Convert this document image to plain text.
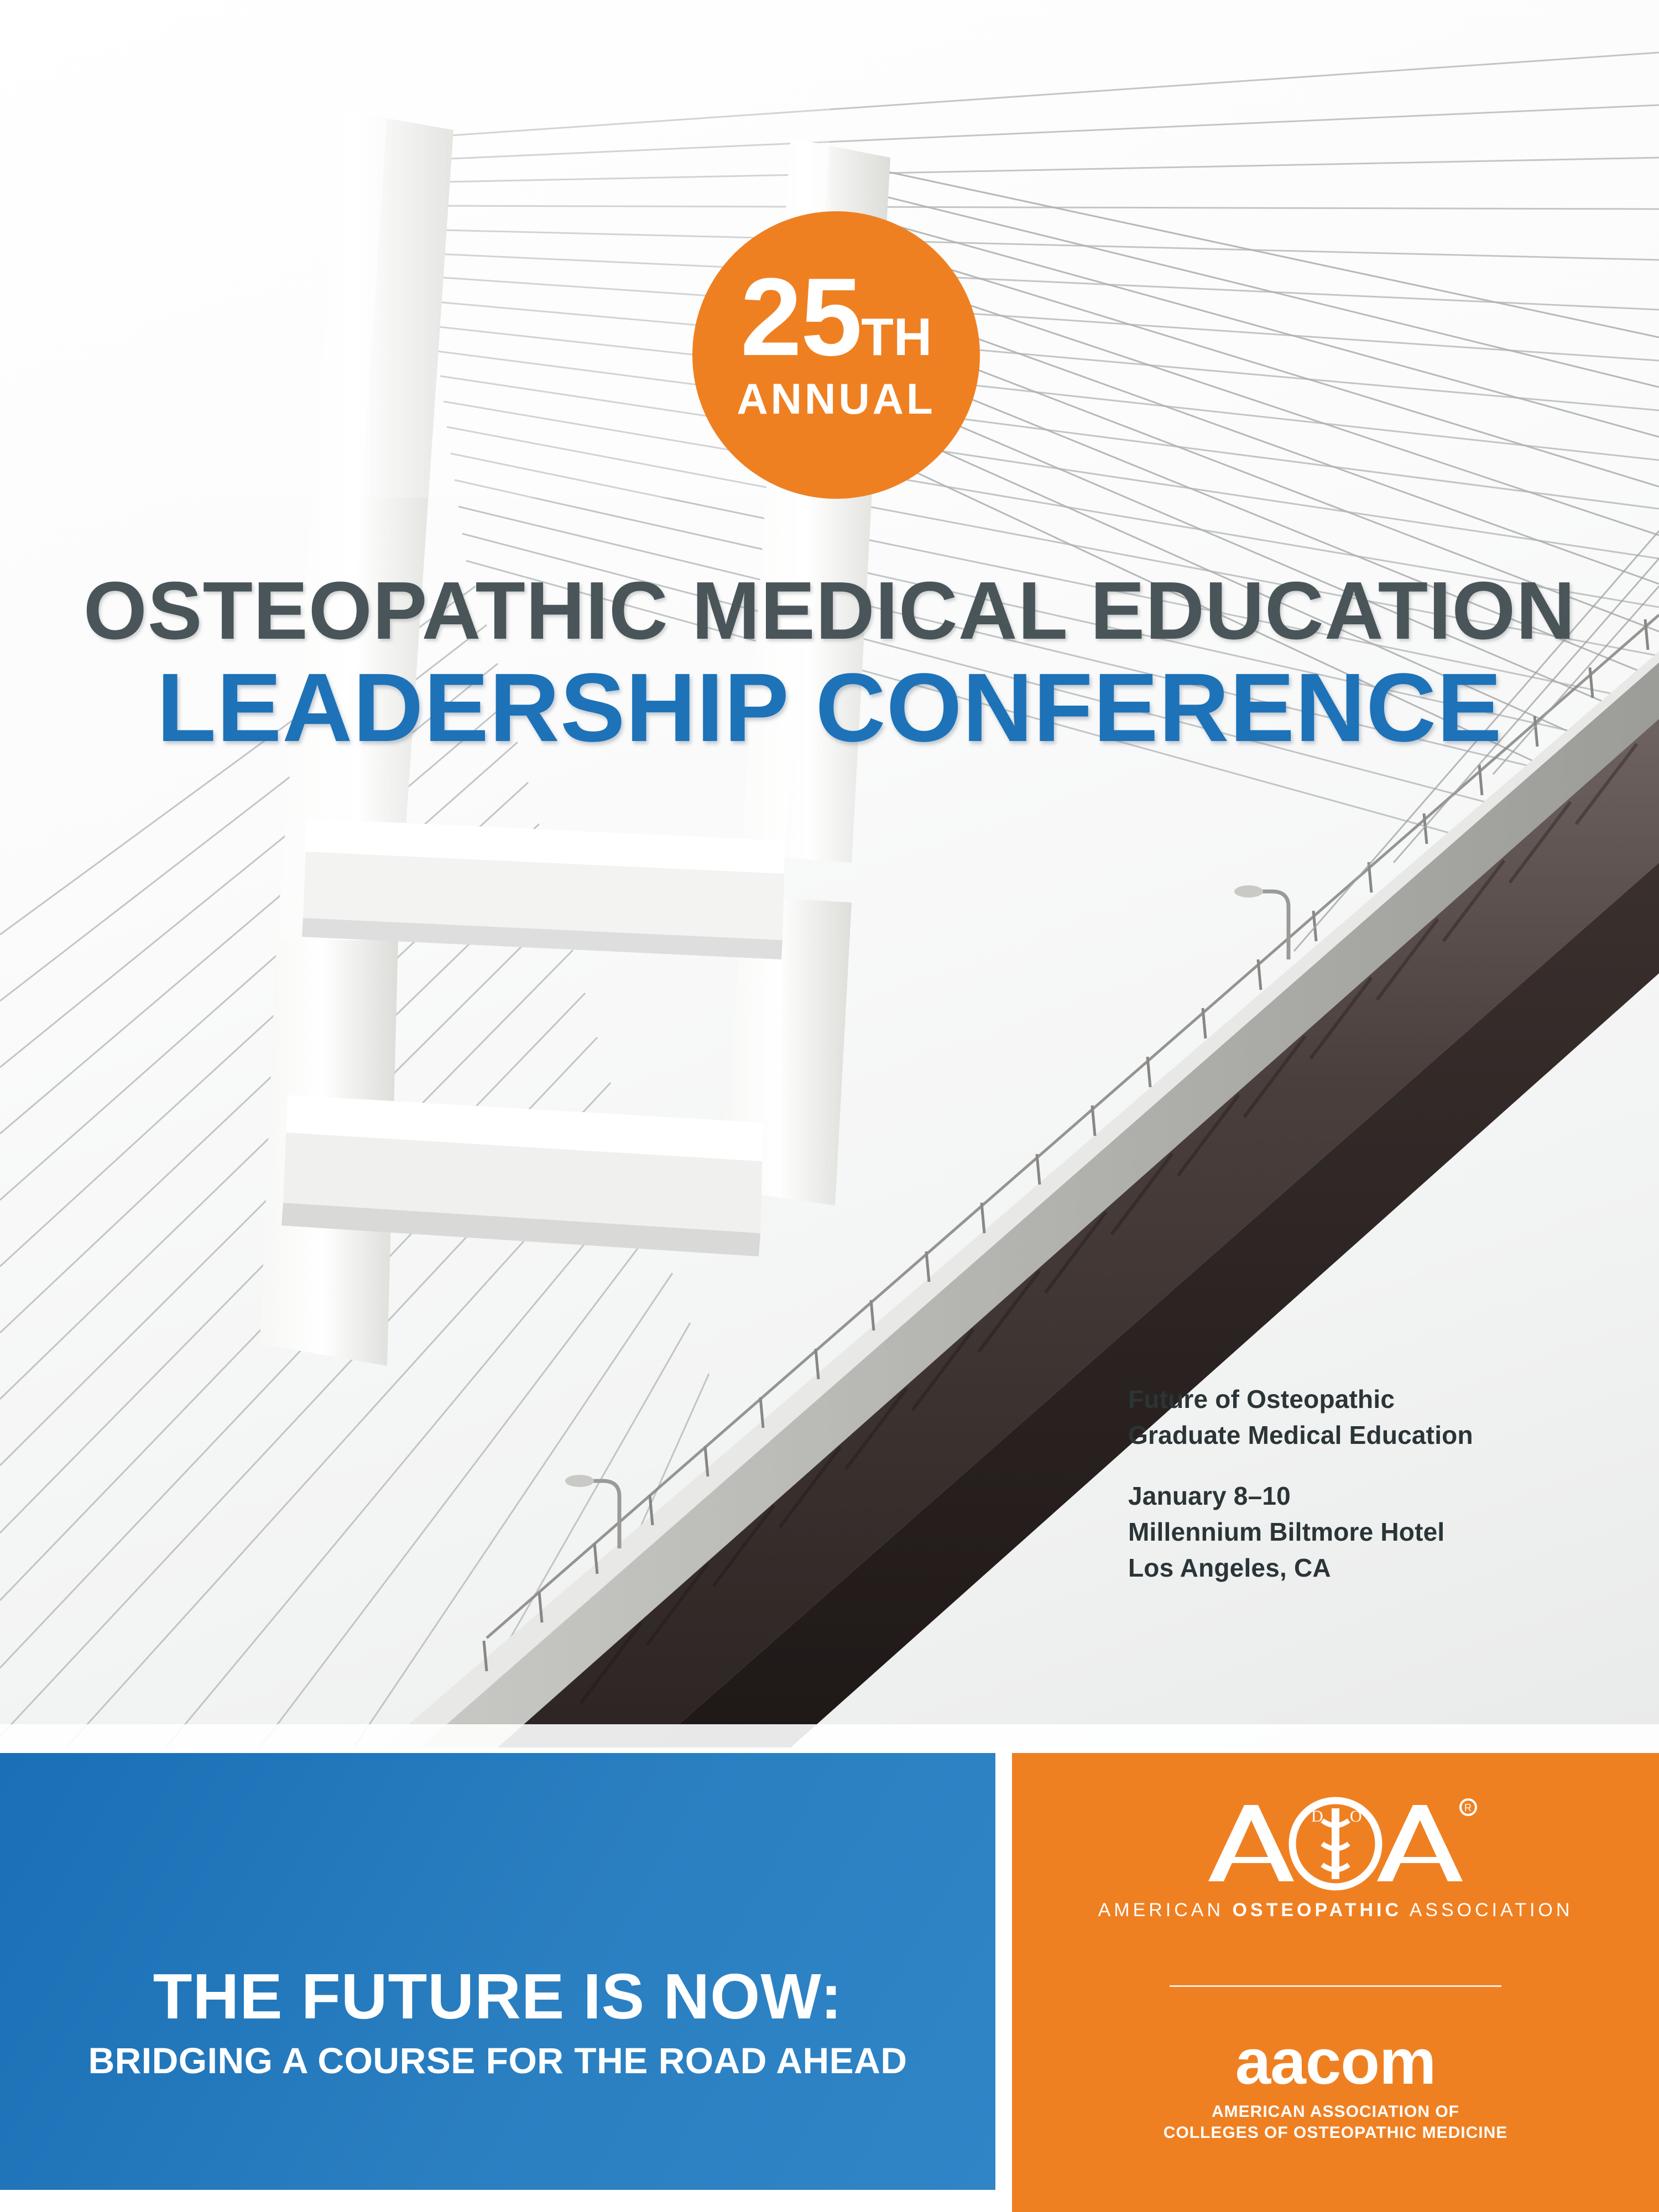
25TH
ANNUAL
OSTEOPATHIC MEDICAL EDUCATION
LEADERSHIP CONFERENCE
Future of Osteopathic
Graduate Medical Education
January 8–10
Millennium Biltmore Hotel
Los Angeles, CA
THE FUTURE IS NOW:
BRIDGING A COURSE FOR THE ROAD AHEAD
D O	R
AMERICAN OSTEOPATHIC ASSOCIATION
aacom
AMERICAN ASSOCIATION OF
COLLEGES OF OSTEOPATHIC MEDICINE
